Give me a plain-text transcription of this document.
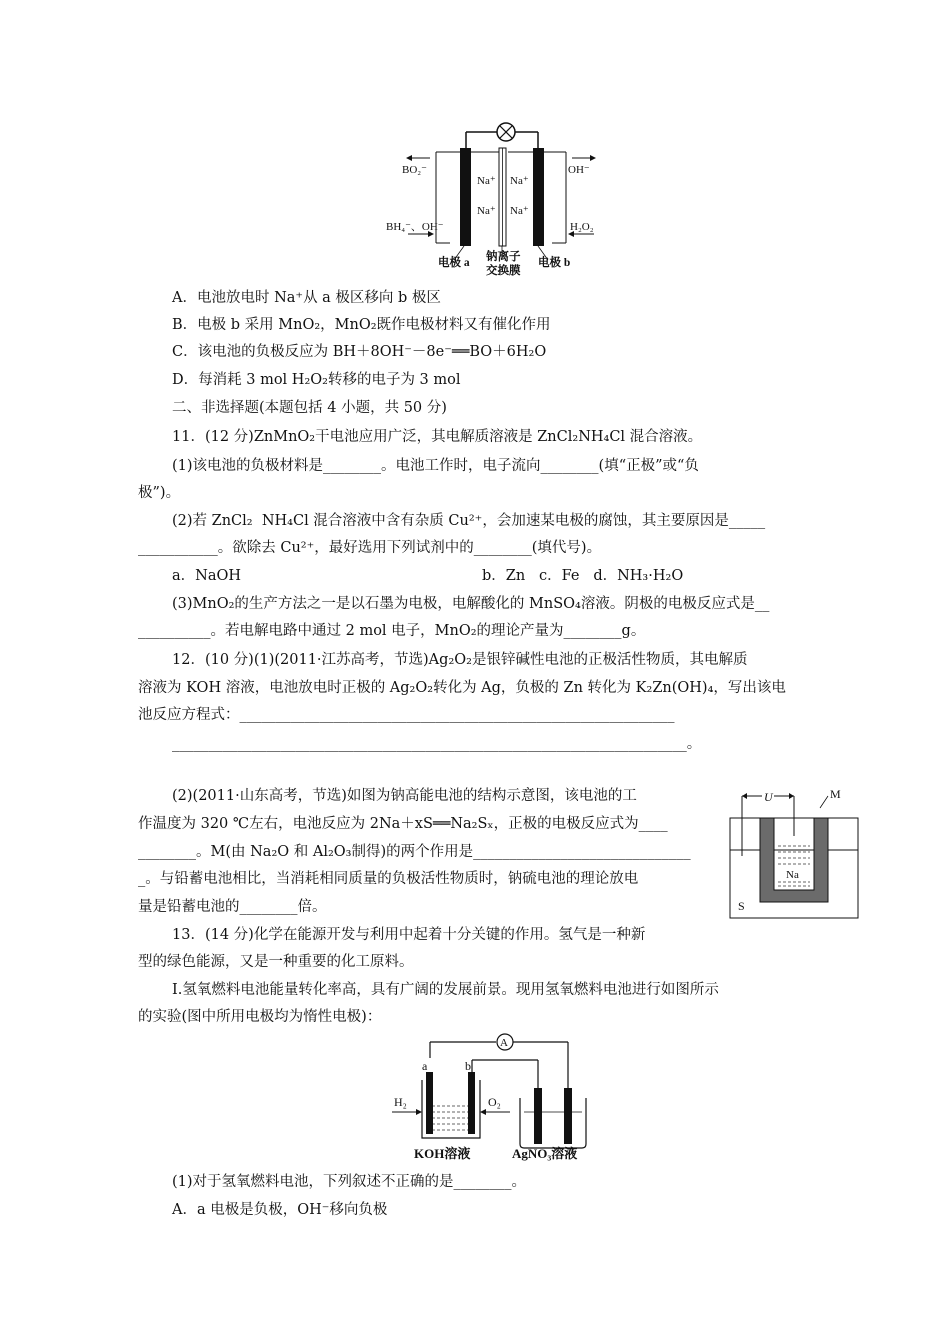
BO₂⁻
BH₄⁻、OH⁻
OH⁻
H₂O₂
Na⁺
Na⁺
Na⁺
Na⁺
电极 a 钠离子
交换膜
电极 b
A．电池放电时 Na⁺从 a 极区移向 b 极区
B．电极 b 采用 MnO₂，MnO₂既作电极材料又有催化作用
C．该电池的负极反应为 BH＋8OH⁻－8e⁻══BO＋6H₂O
D．每消耗 3 mol H₂O₂转移的电子为 3 mol
二、非选择题(本题包括 4 小题，共 50 分)
11．(12 分)ZnMnO₂干电池应用广泛，其电解质溶液是 ZnCl₂NH₄Cl 混合溶液。
(1)该电池的负极材料是________。电池工作时，电子流向________(填“正极”或“负
极”)。
(2)若 ZnCl₂  NH₄Cl 混合溶液中含有杂质 Cu²⁺，会加速某电极的腐蚀，其主要原因是_____
___________。欲除去 Cu²⁺，最好选用下列试剂中的________(填代号)。
a．NaOH	b．Zn   c．Fe   d．NH₃·H₂O
(3)MnO₂的生产方法之一是以石墨为电极，电解酸化的 MnSO₄溶液。阴极的电极反应式是__
__________。若电解电路中通过 2 mol 电子，MnO₂的理论产量为________g。
12．(10 分)(1)(2011·江苏高考，节选)Ag₂O₂是银锌碱性电池的正极活性物质，其电解质
溶液为 KOH 溶液，电池放电时正极的 Ag₂O₂转化为 Ag，负极的 Zn 转化为 K₂Zn(OH)₄，写出该电
池反应方程式：____________________________________________________________
_______________________________________________________________________。
(2)(2011·山东高考，节选)如图为钠高能电池的结构示意图，该电池的工
作温度为 320 ℃左右，电池反应为 2Na＋xS══Na₂Sₓ，正极的电极反应式为____
________。M(由 Na₂O 和 Al₂O₃制得)的两个作用是______________________________
_。与铅蓄电池相比，当消耗相同质量的负极活性物质时，钠硫电池的理论放电
量是铅蓄电池的________倍。
U	M
Na
S
13．(14 分)化学在能源开发与利用中起着十分关键的作用。氢气是一种新
型的绿色能源，又是一种重要的化工原料。
Ⅰ.氢氧燃料电池能量转化率高，具有广阔的发展前景。现用氢氧燃料电池进行如图所示
的实验(图中所用电极均为惰性电极)：
A
a	b
H₂	O₂
KOH溶液	AgNO₃溶液
(1)对于氢氧燃料电池，下列叙述不正确的是________。
A．a 电极是负极，OH⁻移向负极
